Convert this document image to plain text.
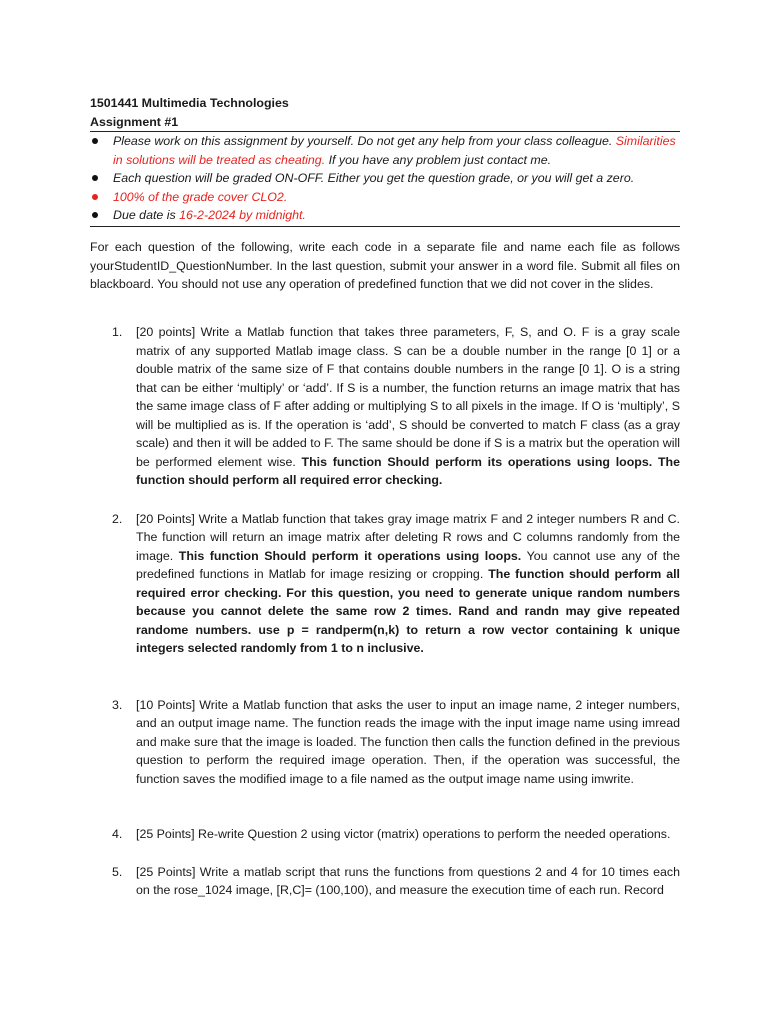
1501441 Multimedia Technologies
Assignment #1
Please work on this assignment by yourself. Do not get any help from your class colleague. Similarities in solutions will be treated as cheating. If you have any problem just contact me.
Each question will be graded ON-OFF. Either you get the question grade, or you will get a zero.
100% of the grade cover CLO2.
Due date is 16-2-2024 by midnight.
For each question of the following, write each code in a separate file and name each file as follows yourStudentID_QuestionNumber. In the last question, submit your answer in a word file. Submit all files on blackboard. You should not use any operation of predefined function that we did not cover in the slides.
1. [20 points] Write a Matlab function that takes three parameters, F, S, and O. F is a gray scale matrix of any supported Matlab image class. S can be a double number in the range [0 1] or a double matrix of the same size of F that contains double numbers in the range [0 1]. O is a string that can be either ‘multiply’ or ‘add’. If S is a number, the function returns an image matrix that has the same image class of F after adding or multiplying S to all pixels in the image. If O is ‘multiply’, S will be multiplied as is. If the operation is ‘add’, S should be converted to match F class (as a gray scale) and then it will be added to F. The same should be done if S is a matrix but the operation will be performed element wise. This function Should perform its operations using loops. The function should perform all required error checking.
2. [20 Points] Write a Matlab function that takes gray image matrix F and 2 integer numbers R and C. The function will return an image matrix after deleting R rows and C columns randomly from the image. This function Should perform it operations using loops. You cannot use any of the predefined functions in Matlab for image resizing or cropping. The function should perform all required error checking. For this question, you need to generate unique random numbers because you cannot delete the same row 2 times. Rand and randn may give repeated randome numbers. use p = randperm(n,k) to return a row vector containing k unique integers selected randomly from 1 to n inclusive.
3. [10 Points] Write a Matlab function that asks the user to input an image name, 2 integer numbers, and an output image name. The function reads the image with the input image name using imread and make sure that the image is loaded. The function then calls the function defined in the previous question to perform the required image operation. Then, if the operation was successful, the function saves the modified image to a file named as the output image name using imwrite.
4. [25 Points] Re-write Question 2 using victor (matrix) operations to perform the needed operations.
5. [25 Points] Write a matlab script that runs the functions from questions 2 and 4 for 10 times each on the rose_1024 image, [R,C]= (100,100), and measure the execution time of each run. Record
